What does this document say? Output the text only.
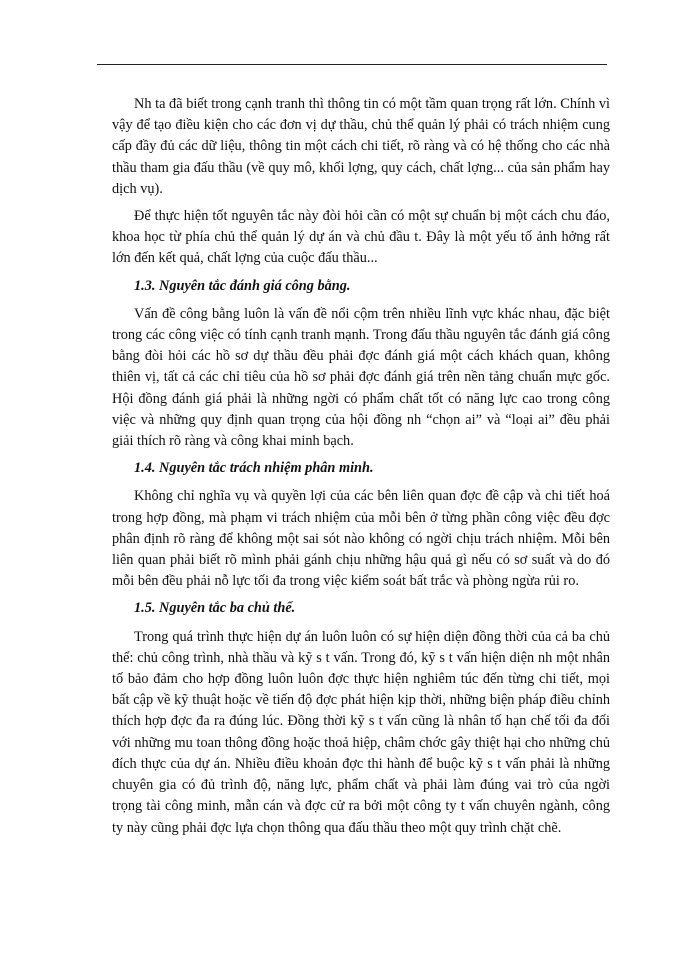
Nh ta đã biết trong cạnh tranh thì thông tin có một tầm quan trọng rất lớn. Chính vì vậy để tạo điều kiện cho các đơn vị dự thầu, chủ thể quản lý phải có trách nhiệm cung cấp đầy đủ các dữ liệu, thông tin một cách chi tiết, rõ ràng và có hệ thống cho các nhà thầu tham gia đấu thầu (về quy mô, khối lợng, quy cách, chất lợng... của sản phẩm hay dịch vụ).

Để thực hiện tốt nguyên tắc này đòi hỏi cần có một sự chuẩn bị một cách chu đáo, khoa học từ phía chủ thể quản lý dự án và chủ đầu t. Đây là một yếu tố ảnh hởng rất lớn đến kết quả, chất lợng của cuộc đấu thầu...

1.3. Nguyên tắc đánh giá công bằng.

Vấn đề công bằng luôn là vấn đề nổi cộm trên nhiều lĩnh vực khác nhau, đặc biệt trong các công việc có tính cạnh tranh mạnh. Trong đấu thầu nguyên tắc đánh giá công bằng đòi hỏi các hồ sơ dự thầu đều phải đợc đánh giá một cách khách quan, không thiên vị, tất cả các chỉ tiêu của hồ sơ phải đợc đánh giá trên nền tảng chuẩn mực gốc. Hội đồng đánh giá phải là những ngời có phẩm chất tốt có năng lực cao trong công việc và những quy định quan trọng của hội đồng nh “chọn ai” và “loại ai” đều phải giải thích rõ ràng và công khai minh bạch.

1.4. Nguyên tắc trách nhiệm phân minh.

Không chỉ nghĩa vụ và quyền lợi của các bên liên quan đợc đề cập và chi tiết hoá trong hợp đồng, mà phạm vi trách nhiệm của mỗi bên ở từng phần công việc đều đợc phân định rõ ràng để không một sai sót nào không có ngời chịu trách nhiệm. Mỗi bên liên quan phải biết rõ mình phải gánh chịu những hậu quả gì nếu có sơ suất và do đó mỗi bên đều phải nỗ lực tối đa trong việc kiểm soát bất trắc và phòng ngừa rủi ro.

1.5. Nguyên tắc ba chủ thể.

Trong quá trình thực hiện dự án luôn luôn có sự hiện diện đồng thời của cả ba chủ thể: chủ công trình, nhà thầu và kỹ s t vấn. Trong đó, kỹ s t vấn hiện diện nh một nhân tố bảo đảm cho hợp đồng luôn luôn đợc thực hiện nghiêm túc đến từng chi tiết, mọi bất cập về kỹ thuật hoặc về tiến độ đợc phát hiện kịp thời, những biện pháp điều chỉnh thích hợp đợc đa ra đúng lúc. Đồng thời kỹ s t vấn cũng là nhân tố hạn chế tối đa đối với những mu toan thông đồng hoặc thoả hiệp, châm chớc gây thiệt hại cho những chủ đích thực của dự án. Nhiều điều khoản đợc thi hành để buộc kỹ s t vấn phải là những chuyên gia có đủ trình độ, năng lực, phẩm chất và phải làm đúng vai trò của ngời trọng tài công minh, mẫn cán và đợc cử ra bởi một công ty t vấn chuyên ngành, công ty này cũng phải đợc lựa chọn thông qua đấu thầu theo một quy trình chặt chẽ.
